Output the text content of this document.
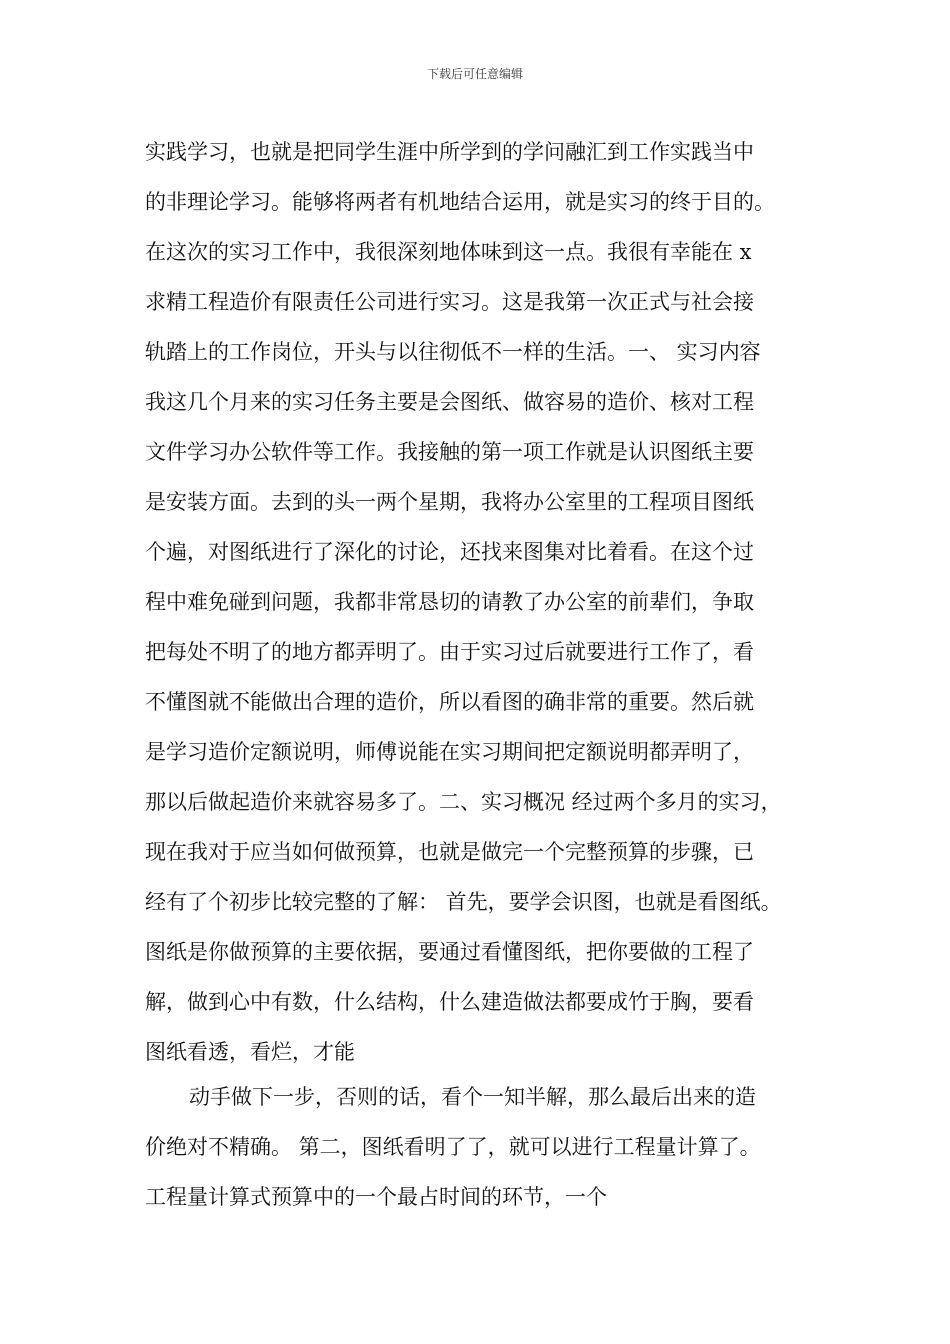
下载后可任意编辑
实践学习，也就是把同学生涯中所学到的学问融汇到工作实践当中
的非理论学习。能够将两者有机地结合运用，就是实习的终于目的。
在这次的实习工作中，我很深刻地体味到这一点。我很有幸能在 x
求精工程造价有限责任公司进行实习。这是我第一次正式与社会接
轨踏上的工作岗位，开头与以往彻低不一样的生活。一、 实习内容
我这几个月来的实习任务主要是会图纸、做容易的造价、核对工程
文件学习办公软件等工作。我接触的第一项工作就是认识图纸主要
是安装方面。去到的头一两个星期，我将办公室里的工程项目图纸
个遍，对图纸进行了深化的讨论，还找来图集对比着看。在这个过
程中难免碰到问题，我都非常恳切的请教了办公室的前辈们，争取
把每处不明了的地方都弄明了。由于实习过后就要进行工作了，看
不懂图就不能做出合理的造价，所以看图的确非常的重要。然后就
是学习造价定额说明，师傅说能在实习期间把定额说明都弄明了，
那以后做起造价来就容易多了。二、实习概况 经过两个多月的实习，
现在我对于应当如何做预算，也就是做完一个完整预算的步骤，已
经有了个初步比较完整的了解： 首先，要学会识图，也就是看图纸。
图纸是你做预算的主要依据，要通过看懂图纸，把你要做的工程了
解，做到心中有数，什么结构，什么建造做法都要成竹于胸，要看
图纸看透，看烂，才能
动手做下一步，否则的话，看个一知半解，那么最后出来的造
价绝对不精确。 第二，图纸看明了了，就可以进行工程量计算了。
工程量计算式预算中的一个最占时间的环节，一个
